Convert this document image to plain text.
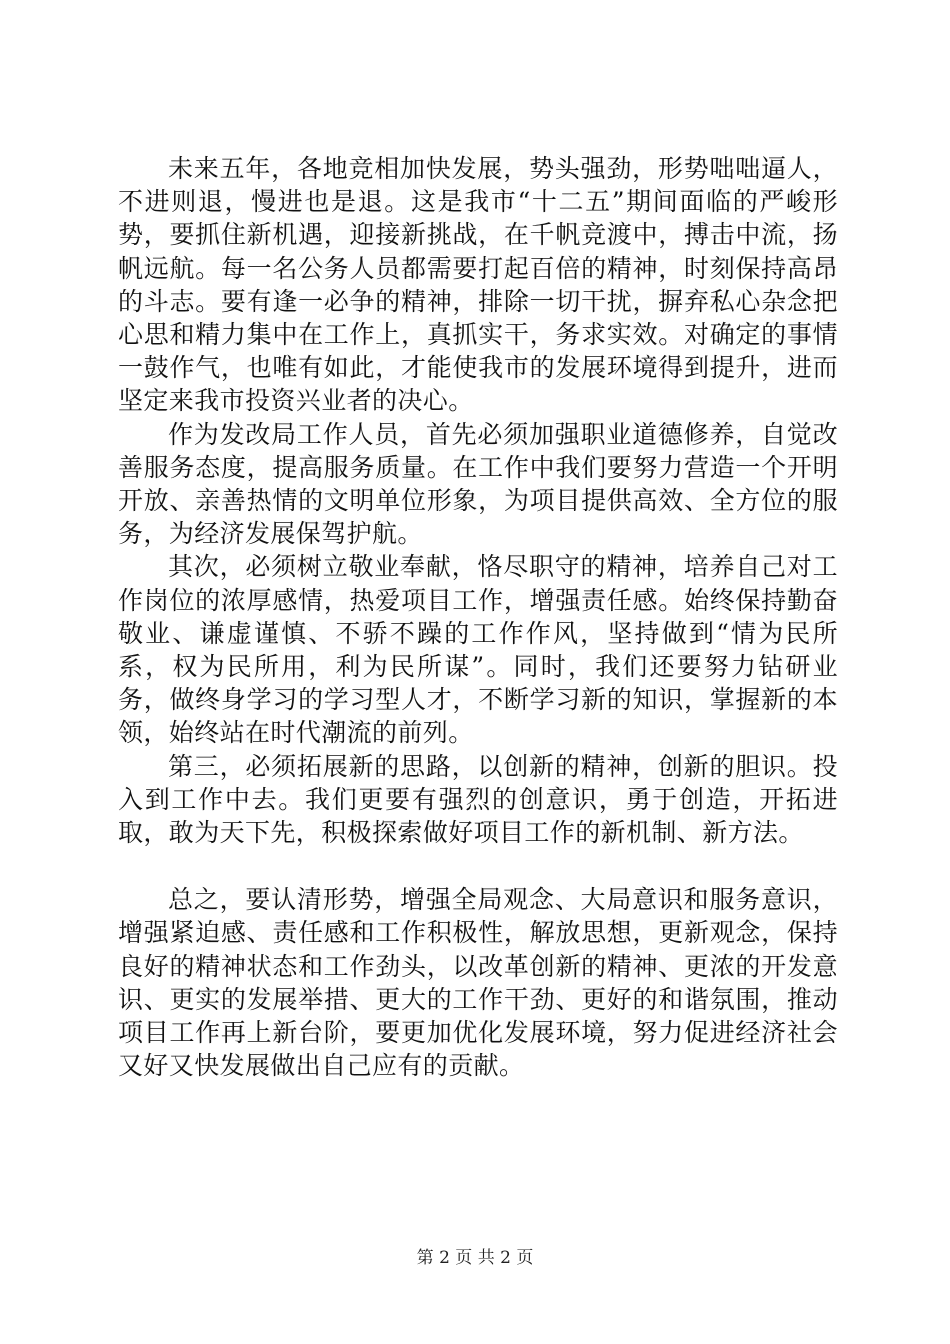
未来五年，各地竞相加快发展，势头强劲，形势咄咄逼人，不进则退，慢进也是退。这是我市“十二五”期间面临的严峻形势，要抓住新机遇，迎接新挑战，在千帆竞渡中，搏击中流，扬帆远航。每一名公务人员都需要打起百倍的精神，时刻保持高昂的斗志。要有逢一必争的精神，排除一切干扰，摒弃私心杂念把心思和精力集中在工作上，真抓实干，务求实效。对确定的事情一鼓作气，也唯有如此，才能使我市的发展环境得到提升，进而坚定来我市投资兴业者的决心。

作为发改局工作人员，首先必须加强职业道德修养，自觉改善服务态度，提高服务质量。在工作中我们要努力营造一个开明开放、亲善热情的文明单位形象，为项目提供高效、全方位的服务，为经济发展保驾护航。

其次，必须树立敬业奉献，恪尽职守的精神，培养自己对工作岗位的浓厚感情，热爱项目工作，增强责任感。始终保持勤奋敬业、谦虚谨慎、不骄不躁的工作作风，坚持做到“情为民所系，权为民所用，利为民所谋”。同时，我们还要努力钻研业务，做终身学习的学习型人才，不断学习新的知识，掌握新的本领，始终站在时代潮流的前列。

第三，必须拓展新的思路，以创新的精神，创新的胆识。投入到工作中去。我们更要有强烈的创意识，勇于创造，开拓进取，敢为天下先，积极探索做好项目工作的新机制、新方法。

总之，要认清形势，增强全局观念、大局意识和服务意识，增强紧迫感、责任感和工作积极性，解放思想，更新观念，保持良好的精神状态和工作劲头，以改革创新的精神、更浓的开发意识、更实的发展举措、更大的工作干劲、更好的和谐氛围，推动项目工作再上新台阶，要更加优化发展环境，努力促进经济社会又好又快发展做出自己应有的贡献。

第 2 页 共 2 页
